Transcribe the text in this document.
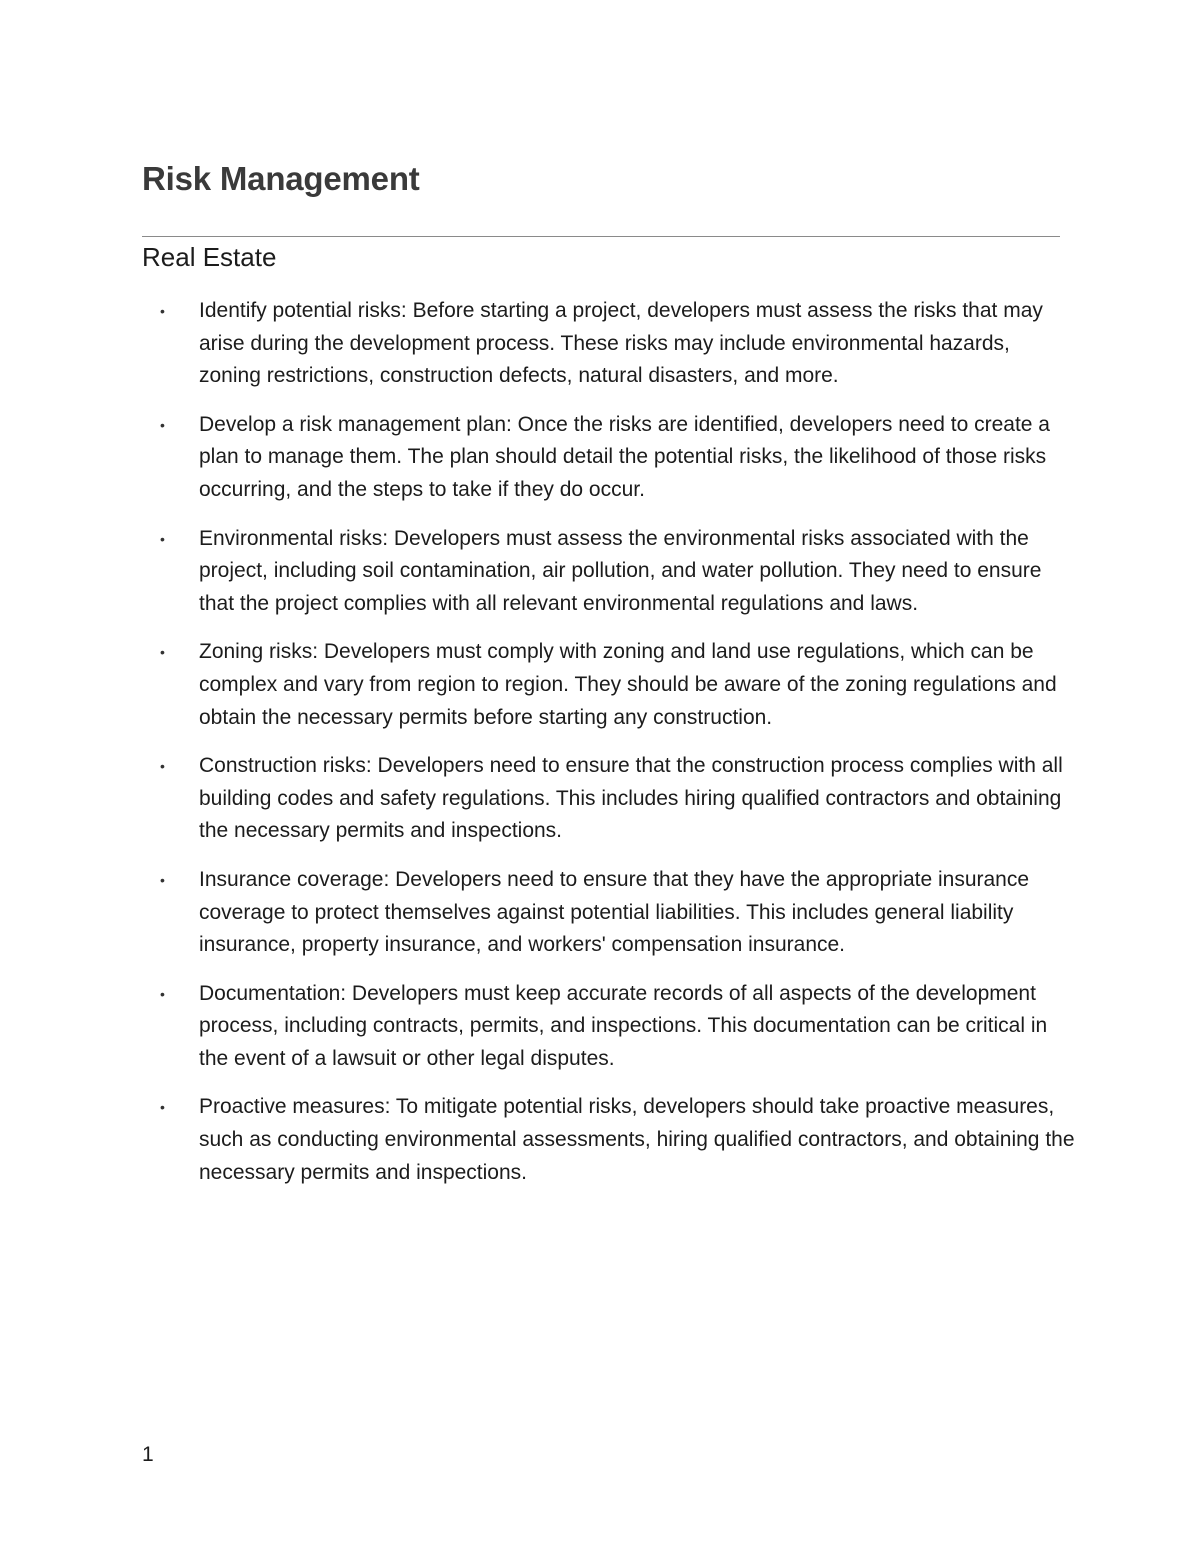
Risk Management
Real Estate
• Identify potential risks: Before starting a project, developers must assess the risks that may arise during the development process. These risks may include environmental hazards, zoning restrictions, construction defects, natural disasters, and more.
• Develop a risk management plan: Once the risks are identified, developers need to create a plan to manage them. The plan should detail the potential risks, the likelihood of those risks occurring, and the steps to take if they do occur.
• Environmental risks: Developers must assess the environmental risks associated with the project, including soil contamination, air pollution, and water pollution. They need to ensure that the project complies with all relevant environmental regulations and laws.
• Zoning risks: Developers must comply with zoning and land use regulations, which can be complex and vary from region to region. They should be aware of the zoning regulations and obtain the necessary permits before starting any construction.
• Construction risks: Developers need to ensure that the construction process complies with all building codes and safety regulations. This includes hiring qualified contractors and obtaining the necessary permits and inspections.
• Insurance coverage: Developers need to ensure that they have the appropriate insurance coverage to protect themselves against potential liabilities. This includes general liability insurance, property insurance, and workers' compensation insurance.
• Documentation: Developers must keep accurate records of all aspects of the development process, including contracts, permits, and inspections. This documentation can be critical in the event of a lawsuit or other legal disputes.
• Proactive measures: To mitigate potential risks, developers should take proactive measures, such as conducting environmental assessments, hiring qualified contractors, and obtaining the necessary permits and inspections.
1
